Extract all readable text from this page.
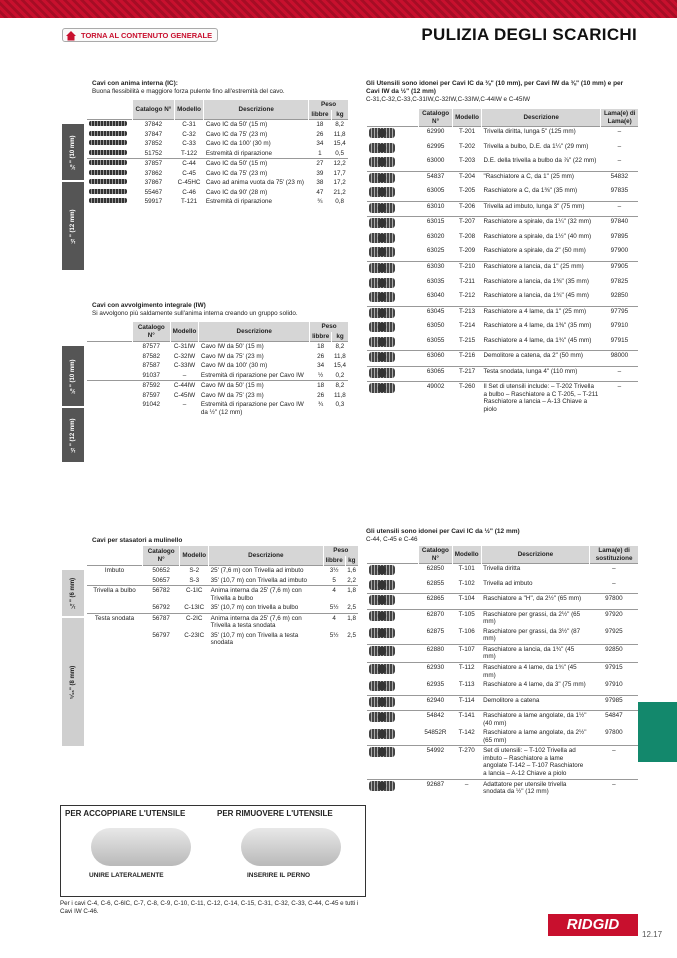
TORNA AL CONTENUTO GENERALE	PULIZIA DEGLI SCARICHI
Cavi con anima interna (IC):
Buona flessibilità e maggiore forza pulente fino all'estremità del cavo.
⅜" (10 mm)
½" (12 mm)
	Catalogo N°	Modello	Descrizione	Peso	
				libbre	kg
	37842	C-31	Cavo IC da 50' (15 m)	18	8,2
	37847	C-32	Cavo IC da 75' (23 m)	26	11,8
	37852	C-33	Cavo IC da 100' (30 m)	34	15,4
	51752	T-122	Estremità di riparazione	1	0,5
	37857	C-44	Cavo IC da 50' (15 m)	27	12,2
	37862	C-45	Cavo IC da 75' (23 m)	39	17,7
	37867	C-45HC	Cavo ad anima vuota da 75' (23 m)	38	17,2
	55467	C-46	Cavo IC da 90' (28 m)	47	21,2
	59917	T-121	Estremità di riparazione	¾	0,8
Cavi con avvolgimento integrale (IW)
Si avvolgono più saldamente sull'anima interna creando un gruppo solido.
⅜" (10 mm)
½" (12 mm)
	Catalogo N°	Modello	Descrizione	Peso	
				libbre	kg
	87577	C-31IW	Cavo IW da 50' (15 m)	18	8,2
	87582	C-32IW	Cavo IW da 75' (23 m)	26	11,8
	87587	C-33IW	Cavo IW da 100' (30 m)	34	15,4
	91037	–	Estremità di riparazione per Cavo IW	½	0,2
	87592	C-44IW	Cavo IW da 50' (15 m)	18	8,2
	87597	C-45IW	Cavo IW da 75' (23 m)	26	11,8
	91042	–	Estremità di riparazione per Cavo IW da ½" (12 mm)	¾	0,3
Cavi per stasatori a mulinello
¼" (6 mm)
⁵⁄₁₆" (8 mm)
	Catalogo N°	Modello	Descrizione	Peso	
				libbre	kg
Imbuto	50652	S-2	25' (7,6 m) con Trivella ad imbuto	3½	1,6
	50657	S-3	35' (10,7 m) con Trivella ad imbuto	5	2,2
Trivella a bulbo	56782	C-1IC	Anima interna da 25' (7,6 m) con Trivella a bulbo	4	1,8
	56792	C-13IC	35' (10,7 m) con trivella a bulbo	5½	2,5
Testa snodata	56787	C-2IC	Anima interna da 25' (7,6 m) con Trivella a testa snodata	4	1,8
	56797	C-23IC	35' (10,7 m) con Trivella a testa snodata	5½	2,5
PER ACCOPPIARE L'UTENSILE	PER RIMUOVERE L'UTENSILE
UNIRE LATERALMENTE	INSERIRE IL PERNO
Per i cavi C-4, C-6, C-6IC, C-7, C-8, C-9, C-10, C-11, C-12, C-14, C-15, C-31, C-32, C-33, C-44, C-45 e tutti i Cavi IW C-46.
Gli Utensili sono idonei per Cavi IC da ⅜" (10 mm), per Cavi IW da ⅜" (10 mm) e per Cavi IW da ½" (12 mm)
C-31,C-32,C-33,C-31IW,C-32IW,C-33IW,C-44IW e C-45IW
	Catalogo N°	Modello	Descrizione	Lama(e) di Lama(e)
	62990	T-201	Trivella diritta, lunga 5" (125 mm)	–
	62995	T-202	Trivella a bulbo, D.E. da 1¼" (29 mm)	–
	63000	T-203	D.E. della trivella a bulbo da ⅞" (22 mm)	–
	54837	T-204	"Raschiatore a C, da 1" (25 mm)	54832
	63005	T-205	Raschiatore a C, da 1⅜" (35 mm)	97835
	63010	T-206	Trivella ad imbuto, lunga 3" (75 mm)	–
	63015	T-207	Raschiatore a spirale, da 1¼" (32 mm)	97840
	63020	T-208	Raschiatore a spirale, da 1½" (40 mm)	97895
	63025	T-209	Raschiatore a spirale, da 2" (50 mm)	97900
	63030	T-210	Raschiatore a lancia, da 1" (25 mm)	97905
	63035	T-211	Raschiatore a lancia, da 1⅜" (35 mm)	97825
	63040	T-212	Raschiatore a lancia, da 1¾" (45 mm)	92850
	63045	T-213	Raschiatore a 4 lame, da 1" (25 mm)	97795
	63050	T-214	Raschiatore a 4 lame, da 1⅜" (35 mm)	97910
	63055	T-215	Raschiatore a 4 lame, da 1¾" (45 mm)	97915
	63060	T-216	Demolitore a catena, da 2" (50 mm)	98000
	63065	T-217	Testa snodata, lunga 4" (110 mm)	–
	49002	T-260	Il Set di utensili include: – T-202 Trivella a bulbo – Raschiatore a C T-205, – T-211 Raschiatore a lancia – A-13 Chiave a piolo	–
Gli utensili sono idonei per Cavi IC da ½" (12 mm)
C-44, C-45 e C-46
	Catalogo N°	Modello	Descrizione	Lama(e) di sostituzione
	62850	T-101	Trivella diritta	–
	62855	T-102	Trivella ad imbuto	–
	62865	T-104	Raschiatore a "H", da 2½" (65 mm)	97800
	62870	T-105	Raschiatore per grassi, da 2½" (65 mm)	97920
	62875	T-106	Raschiatore per grassi, da 3½" (87 mm)	97925
	62880	T-107	Raschiatore a lancia, da 1¾" (45 mm)	92850
	62930	T-112	Raschiatore a 4 lame, da 1¾" (45 mm)	97915
	62935	T-113	Raschiatore a 4 lame, da 3" (75 mm)	97910
	62940	T-114	Demolitore a catena	97985
	54842	T-141	Raschiatore a lame angolate, da 1½" (40 mm)	54847
	54852R	T-142	Raschiatore a lame angolate, da 2½" (65 mm)	97800
	54992	T-270	Set di utensili: – T-102 Trivella ad imbuto – Raschiatore a lame angolate T-142 – T-107 Raschiatore a lancia – A-12 Chiave a piolo	–
	92687	–	Adattatore per utensile trivella snodata da ½" (12 mm)	–
RIDGID
12.17
